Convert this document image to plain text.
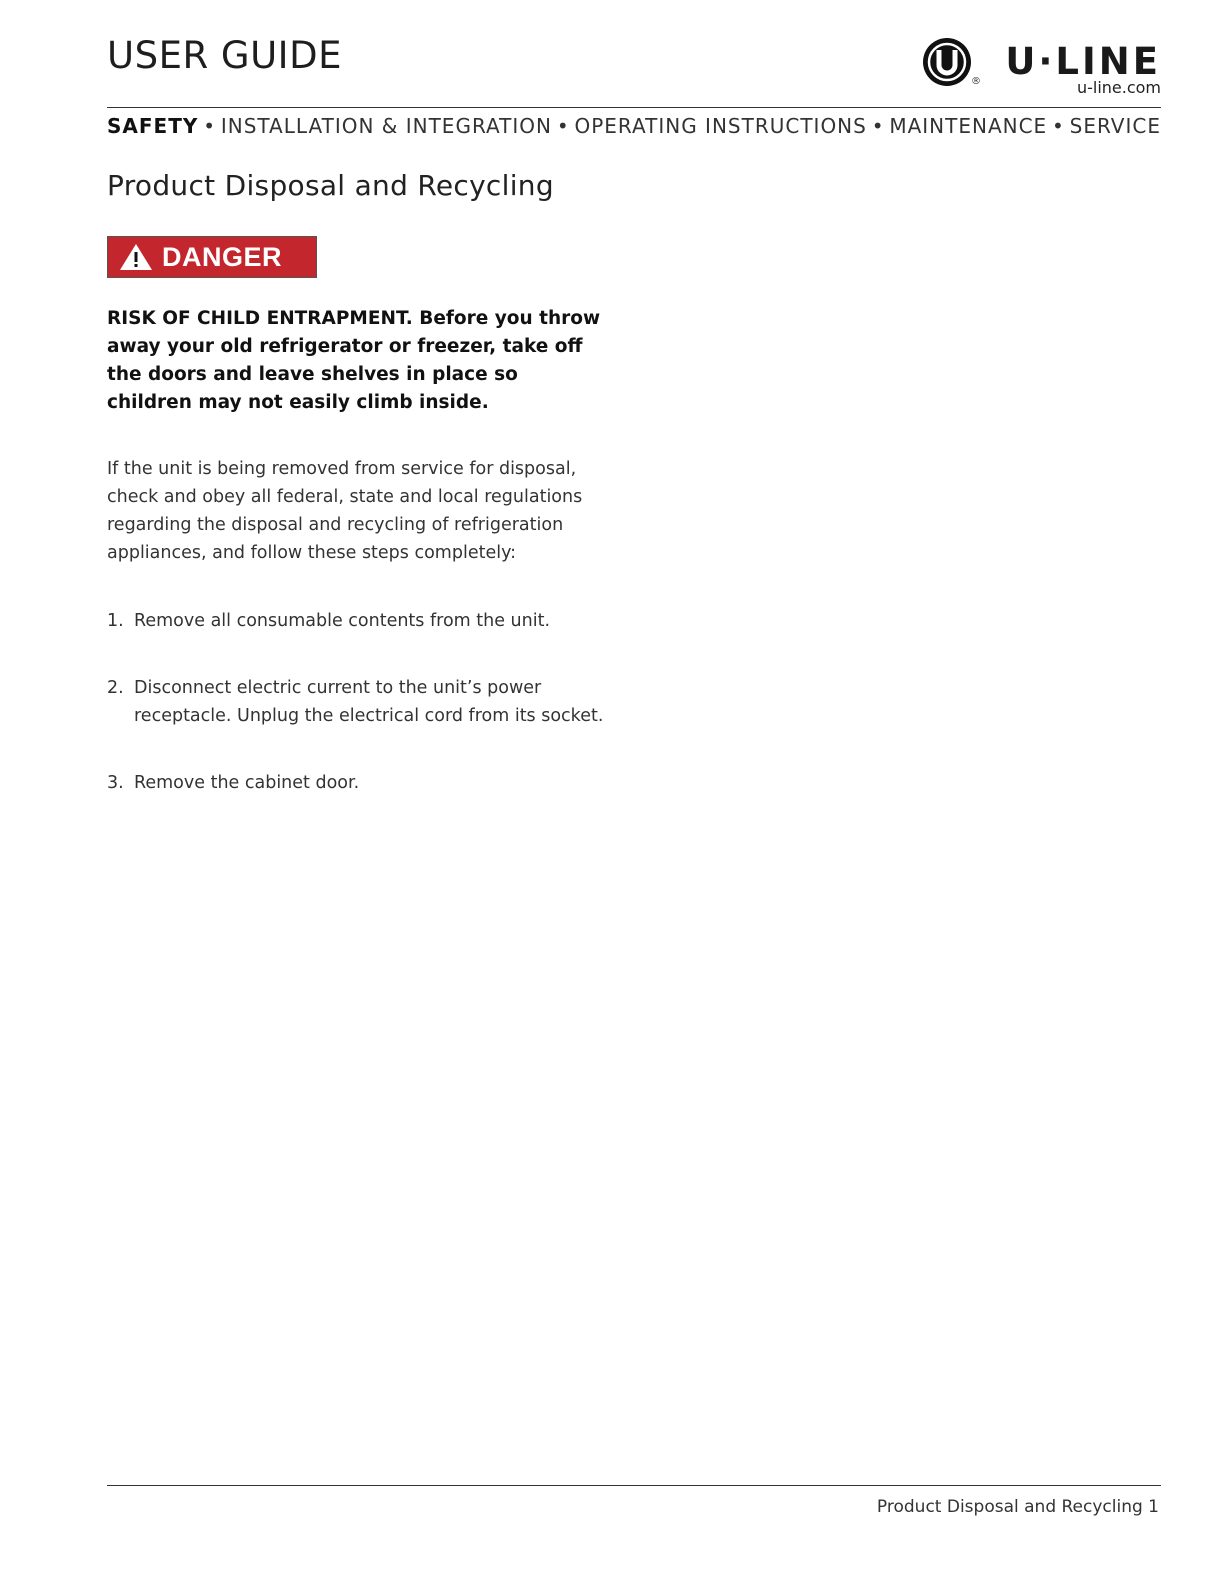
USER GUIDE
® U·LINE
u-line.com
SAFETY • INSTALLATION & INTEGRATION • OPERATING INSTRUCTIONS • MAINTENANCE • SERVICE
Product Disposal and Recycling
DANGER

RISK OF CHILD ENTRAPMENT. Before you throw away your old refrigerator or freezer, take off the doors and leave shelves in place so children may not easily climb inside.

If the unit is being removed from service for disposal, check and obey all federal, state and local regulations regarding the disposal and recycling of refrigeration appliances, and follow these steps completely:

1. Remove all consumable contents from the unit.
2. Disconnect electric current to the unit’s power receptacle. Unplug the electrical cord from its socket.
3. Remove the cabinet door.
Product Disposal and Recycling 1
